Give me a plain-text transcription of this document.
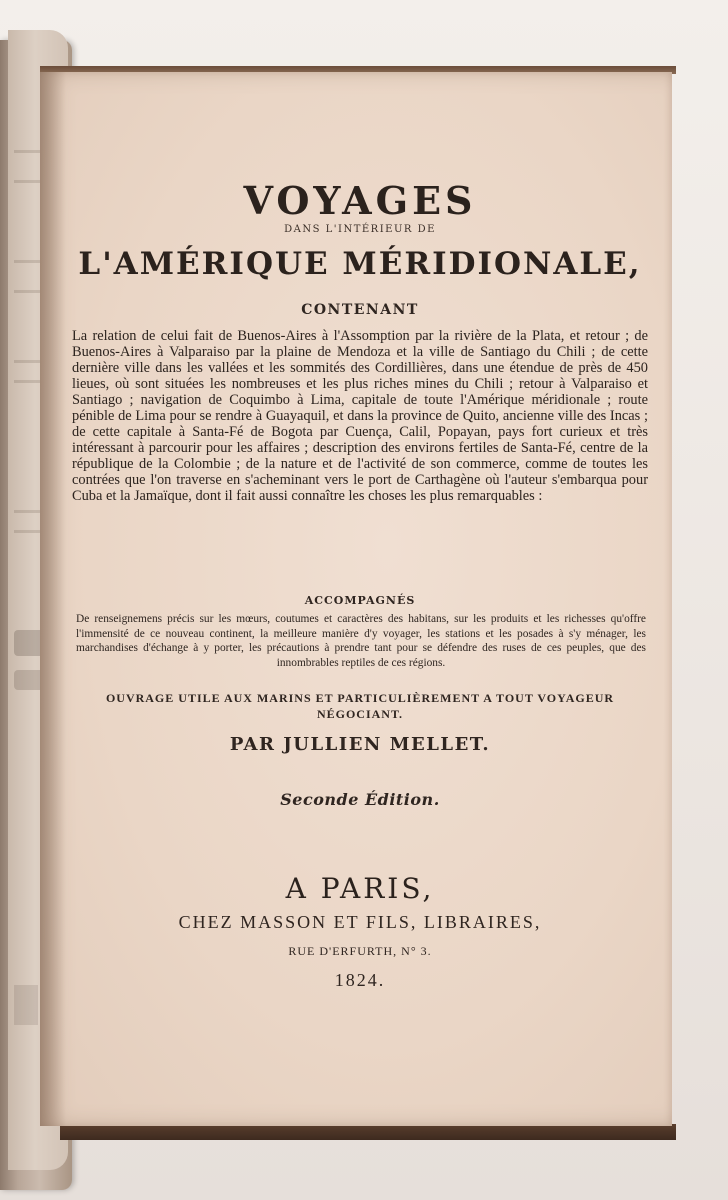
VOYAGES
DANS L'INTÉRIEUR DE
L'AMÉRIQUE MÉRIDIONALE,
CONTENANT
La relation de celui fait de Buenos-Aires à l'Assomption par la rivière de la Plata, et retour ; de Buenos-Aires à Valparaiso par la plaine de Mendoza et la ville de Santiago du Chili ; de cette dernière ville dans les vallées et les sommités des Cordillières, dans une étendue de près de 450 lieues, où sont situées les nombreuses et les plus riches mines du Chili ; retour à Valparaiso et Santiago ; navigation de Coquimbo à Lima, capitale de toute l'Amérique méridionale ; route pénible de Lima pour se rendre à Guayaquil, et dans la province de Quito, ancienne ville des Incas ; de cette capitale à Santa-Fé de Bogota par Cuença, Calil, Popayan, pays fort curieux et très intéressant à parcourir pour les affaires ; description des environs fertiles de Santa-Fé, centre de la république de la Colombie ; de la nature et de l'activité de son commerce, comme de toutes les contrées que l'on traverse en s'acheminant vers le port de Carthagène où l'auteur s'embarqua pour Cuba et la Jamaïque, dont il fait aussi connaître les choses les plus remarquables :
ACCOMPAGNÉS
De renseignemens précis sur les mœurs, coutumes et caractères des habitans, sur les produits et les richesses qu'offre l'immensité de ce nouveau continent, la meilleure manière d'y voyager, les stations et les posades à s'y ménager, les marchandises d'échange à y porter, les précautions à prendre tant pour se défendre des ruses de ces peuples, que des innombrables reptiles de ces régions.
OUVRAGE UTILE AUX MARINS ET PARTICULIÈREMENT A TOUT VOYAGEUR NÉGOCIANT.
PAR JULLIEN MELLET.
Seconde Édition.
A PARIS,
CHEZ MASSON ET FILS, LIBRAIRES,
RUE D'ERFURTH, N° 3.
1824.
